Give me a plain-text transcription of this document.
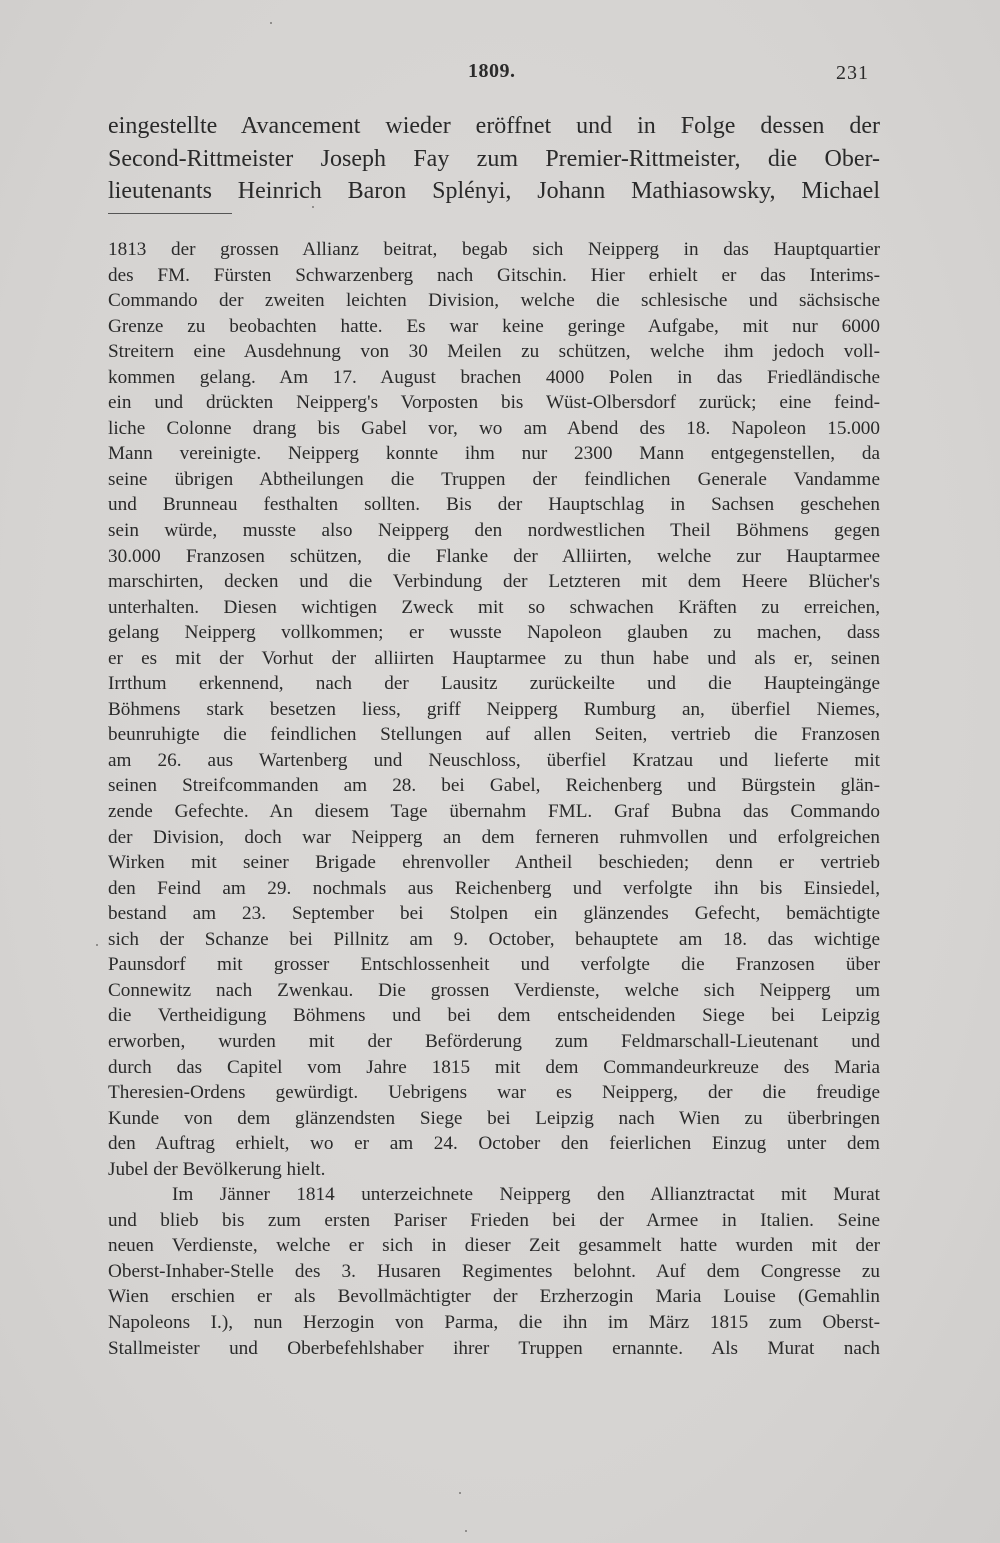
1809.	231
eingestellte Avancement wieder eröffnet und in Folge dessen der
Second-Rittmeister Joseph Fay zum Premier-Rittmeister, die Ober-
lieutenants Heinrich Baron Splényi, Johann Mathiasowsky, Michael
1813 der grossen Allianz beitrat, begab sich Neipperg in das Hauptquartier
des FM. Fürsten Schwarzenberg nach Gitschin. Hier erhielt er das Interims-
Commando der zweiten leichten Division, welche die schlesische und sächsische
Grenze zu beobachten hatte. Es war keine geringe Aufgabe, mit nur 6000
Streitern eine Ausdehnung von 30 Meilen zu schützen, welche ihm jedoch voll-
kommen gelang. Am 17. August brachen 4000 Polen in das Friedländische
ein und drückten Neipperg's Vorposten bis Wüst-Olbersdorf zurück; eine feind-
liche Colonne drang bis Gabel vor, wo am Abend des 18. Napoleon 15.000
Mann vereinigte. Neipperg konnte ihm nur 2300 Mann entgegenstellen, da
seine übrigen Abtheilungen die Truppen der feindlichen Generale Vandamme
und Brunneau festhalten sollten. Bis der Hauptschlag in Sachsen geschehen
sein würde, musste also Neipperg den nordwestlichen Theil Böhmens gegen
30.000 Franzosen schützen, die Flanke der Alliirten, welche zur Hauptarmee
marschirten, decken und die Verbindung der Letzteren mit dem Heere Blücher's
unterhalten. Diesen wichtigen Zweck mit so schwachen Kräften zu erreichen,
gelang Neipperg vollkommen; er wusste Napoleon glauben zu machen, dass
er es mit der Vorhut der alliirten Hauptarmee zu thun habe und als er, seinen
Irrthum erkennend, nach der Lausitz zurückeilte und die Haupteingänge
Böhmens stark besetzen liess, griff Neipperg Rumburg an, überfiel Niemes,
beunruhigte die feindlichen Stellungen auf allen Seiten, vertrieb die Franzosen
am 26. aus Wartenberg und Neuschloss, überfiel Kratzau und lieferte mit
seinen Streifcommanden am 28. bei Gabel, Reichenberg und Bürgstein glän-
zende Gefechte. An diesem Tage übernahm FML. Graf Bubna das Commando
der Division, doch war Neipperg an dem ferneren ruhmvollen und erfolgreichen
Wirken mit seiner Brigade ehrenvoller Antheil beschieden; denn er vertrieb
den Feind am 29. nochmals aus Reichenberg und verfolgte ihn bis Einsiedel,
bestand am 23. September bei Stolpen ein glänzendes Gefecht, bemächtigte
sich der Schanze bei Pillnitz am 9. October, behauptete am 18. das wichtige
Paunsdorf mit grosser Entschlossenheit und verfolgte die Franzosen über
Connewitz nach Zwenkau. Die grossen Verdienste, welche sich Neipperg um
die Vertheidigung Böhmens und bei dem entscheidenden Siege bei Leipzig
erworben, wurden mit der Beförderung zum Feldmarschall-Lieutenant und
durch das Capitel vom Jahre 1815 mit dem Commandeurkreuze des Maria
Theresien-Ordens gewürdigt. Uebrigens war es Neipperg, der die freudige
Kunde von dem glänzendsten Siege bei Leipzig nach Wien zu überbringen
den Auftrag erhielt, wo er am 24. October den feierlichen Einzug unter dem
Jubel der Bevölkerung hielt.
Im Jänner 1814 unterzeichnete Neipperg den Allianztractat mit Murat
und blieb bis zum ersten Pariser Frieden bei der Armee in Italien. Seine
neuen Verdienste, welche er sich in dieser Zeit gesammelt hatte wurden mit der
Oberst-Inhaber-Stelle des 3. Husaren Regimentes belohnt. Auf dem Congresse zu
Wien erschien er als Bevollmächtigter der Erzherzogin Maria Louise (Gemahlin
Napoleons I.), nun Herzogin von Parma, die ihn im März 1815 zum Oberst-
Stallmeister und Oberbefehlshaber ihrer Truppen ernannte. Als Murat nach
